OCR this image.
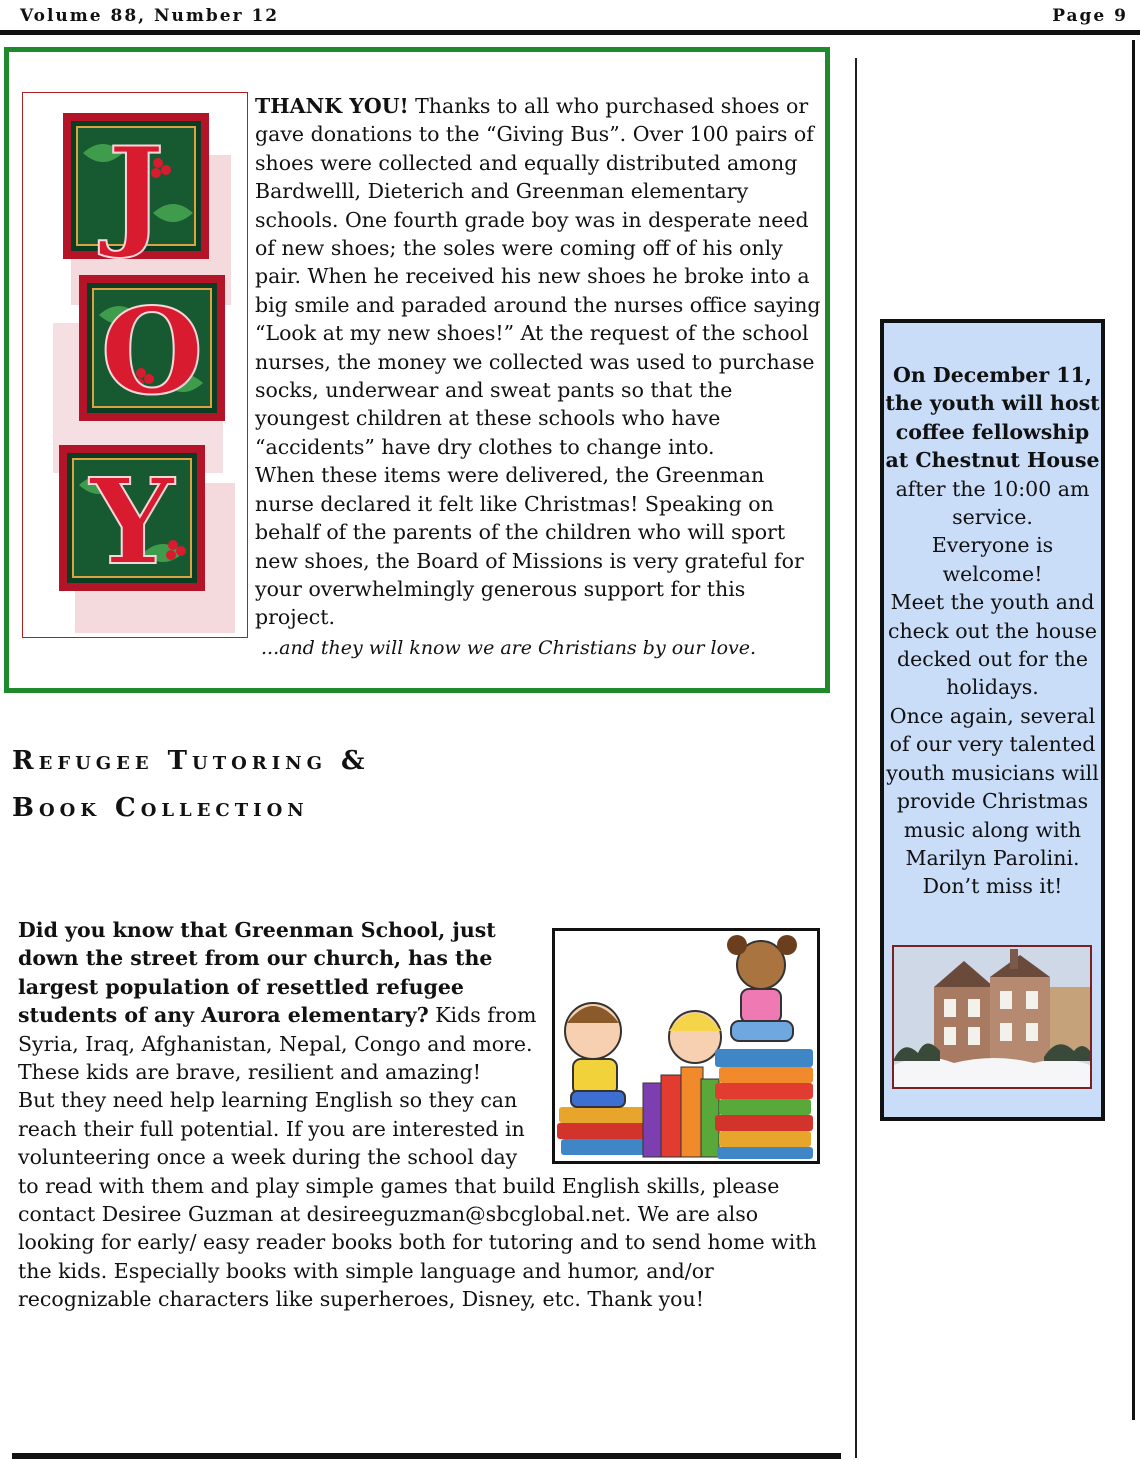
Volume 88, Number 12	Page 9
J
O
Y

THANK YOU! Thanks to all who purchased shoes or gave donations to the “Giving Bus”. Over 100 pairs of shoes were collected and equally distributed among Bardwelll, Dieterich and Greenman elementary schools. One fourth grade boy was in desperate need of new shoes; the soles were coming off of his only pair. When he received his new shoes he broke into a big smile and paraded around the nurses office saying “Look at my new shoes!” At the request of the school nurses, the money we collected was used to purchase socks, underwear and sweat pants so that the youngest children at these schools who have “accidents” have dry clothes to change into.

When these items were delivered, the Greenman nurse declared it felt like Christmas! Speaking on behalf of the parents of the children who will sport new shoes, the Board of Missions is very grateful for your overwhelmingly generous support for this project.

...and they will know we are Christians by our love.

Refugee Tutoring &
Book Collection

Did you know that Greenman School, just down the street from our church, has the largest population of resettled refugee students of any Aurora elementary? Kids from Syria, Iraq, Afghanistan, Nepal, Congo and more.

These kids are brave, resilient and amazing!

But they need help learning English so they can reach their full potential. If you are interested in volunteering once a week during the school day to read with them and play simple games that build English skills, please contact Desiree Guzman at desireeguzman@sbcglobal.net. We are also looking for early/ easy reader books both for tutoring and to send home with the kids. Especially books with simple language and humor, and/or recognizable characters like superheroes, Disney, etc. Thank you!

On December 11, the youth will host coffee fellowship at Chestnut House

after the 10:00 am service.

Everyone is welcome!

Meet the youth and check out the house decked out for the holidays.

Once again, several of our very talented youth musicians will provide Christmas music along with Marilyn Parolini.

Don’t miss it!
